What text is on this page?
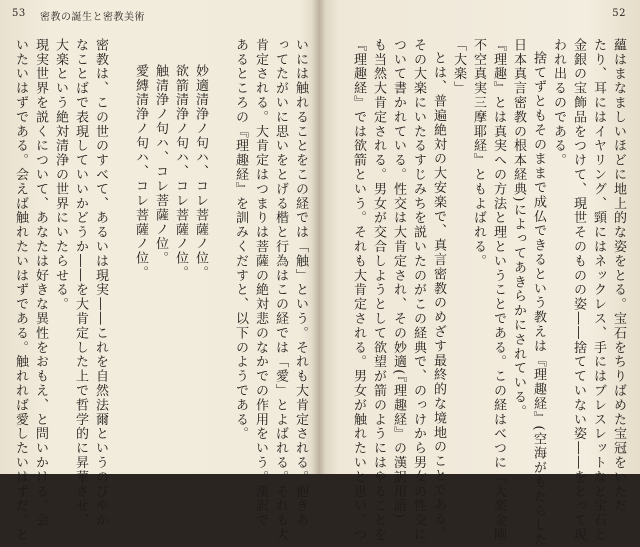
53 密教の誕生と密教美術
いには触れることをこの経では「触」という。それも大肯定される。抱きあ
ってたがいに思いをとげる楷と行為はこの経では「愛」とよばれる。それも大
肯定される。大肯定はつまりは菩薩の絶対悲のなかでの作用をいう。漢訳で
あるところの『理趣経』を訓みくだすと、以下のようである。
妙適清浄ノ句ハ、コレ菩薩ノ位。
欲箭清浄ノ句ハ、コレ菩薩ノ位。
触清浄ノ句ハ、コレ菩薩ノ位。
愛縛清浄ノ句ハ、コレ菩薩ノ位。
密教は、この世のすべて、あるいは現実――これを自然法爾というのびやか
なことばで表現していいかどうか――を大肯定した上で哲学的に昇華させ、
大楽という絶対清浄の世界にいたらせる。
現実世界を説くについて、あなたは好きな異性をおもえ、と問いかける。会
いたいはずである。会えば触れたいはずである。触れれば愛したいはずだ。と
52
蘊はまなましいほどに地上的な姿をとる。宝石をちりばめた宝冠をいただ
たり、耳にはイヤリング、頸にはネックレス、手にはブレスレットなど宝石と
金銀の宝飾品をつけて、現世そのものの姿――捨てていない姿――をとって現
われ出るのである。
捨てずともそのままで成仏できるという教えは『理趣経』(空海がもたらした
日本真言密教の根本経典)によってあきらかにされている。
『理趣』とは真実への方法と理ということである。この経はべつに『大楽金剛
不空真実三摩耶経』ともよばれる。
「大楽」
とは、普遍絶対の大安楽で、真言密教のめざす最終的な境地のことである。
その大楽にいたるすじみちを説いたのがこの経典で、のっけから男女の性交に
ついて書かれている。性交は大肯定され、その妙適(『理趣経』の漢訳用語)
も当然大肯定される。男女が交合しようとして欲望が箭のようにはやることを
『理趣経』では欲箭という。それも大肯定される。男女が触れたいと思い、つ
